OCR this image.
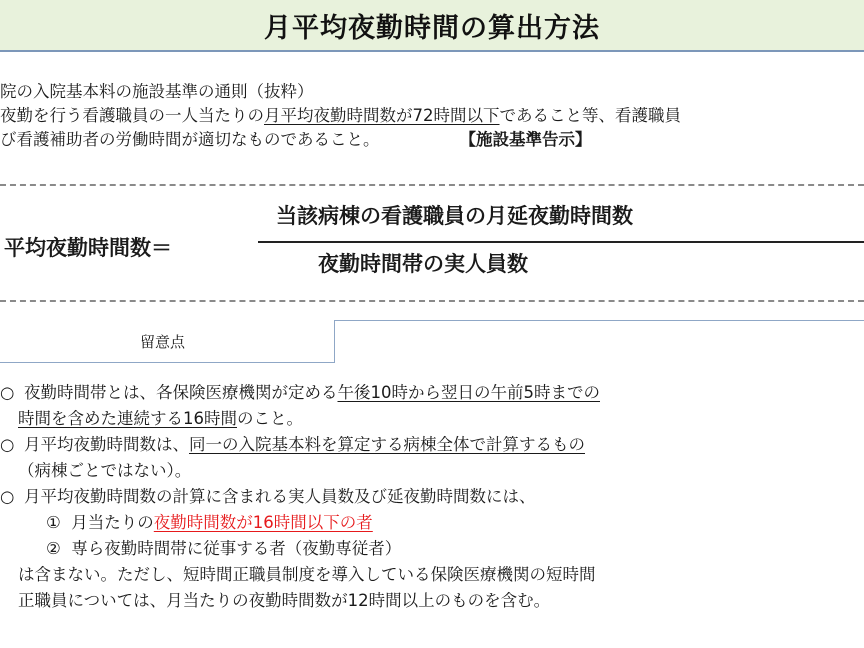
月平均夜勤時間の算出方法
院の入院基本料の施設基準の通則（抜粋）
夜勤を行う看護職員の一人当たりの月平均夜勤時間数が72時間以下であること等、看護職員
び看護補助者の労働時間が適切なものであること。	【施設基準告示】
平均夜勤時間数＝
当該病棟の看護職員の月延夜勤時間数
夜勤時間帯の実人員数
留意点
○ 夜勤時間帯とは、各保険医療機関が定める午後10時から翌日の午前5時までの
時間を含めた連続する16時間のこと。
○ 月平均夜勤時間数は、同一の入院基本料を算定する病棟全体で計算するもの
（病棟ごとではない）。
○ 月平均夜勤時間数の計算に含まれる実人員数及び延夜勤時間数には、
① 月当たりの夜勤時間数が16時間以下の者
② 専ら夜勤時間帯に従事する者（夜勤専従者）
は含まない。ただし、短時間正職員制度を導入している保険医療機関の短時間
正職員については、月当たりの夜勤時間数が12時間以上のものを含む。
